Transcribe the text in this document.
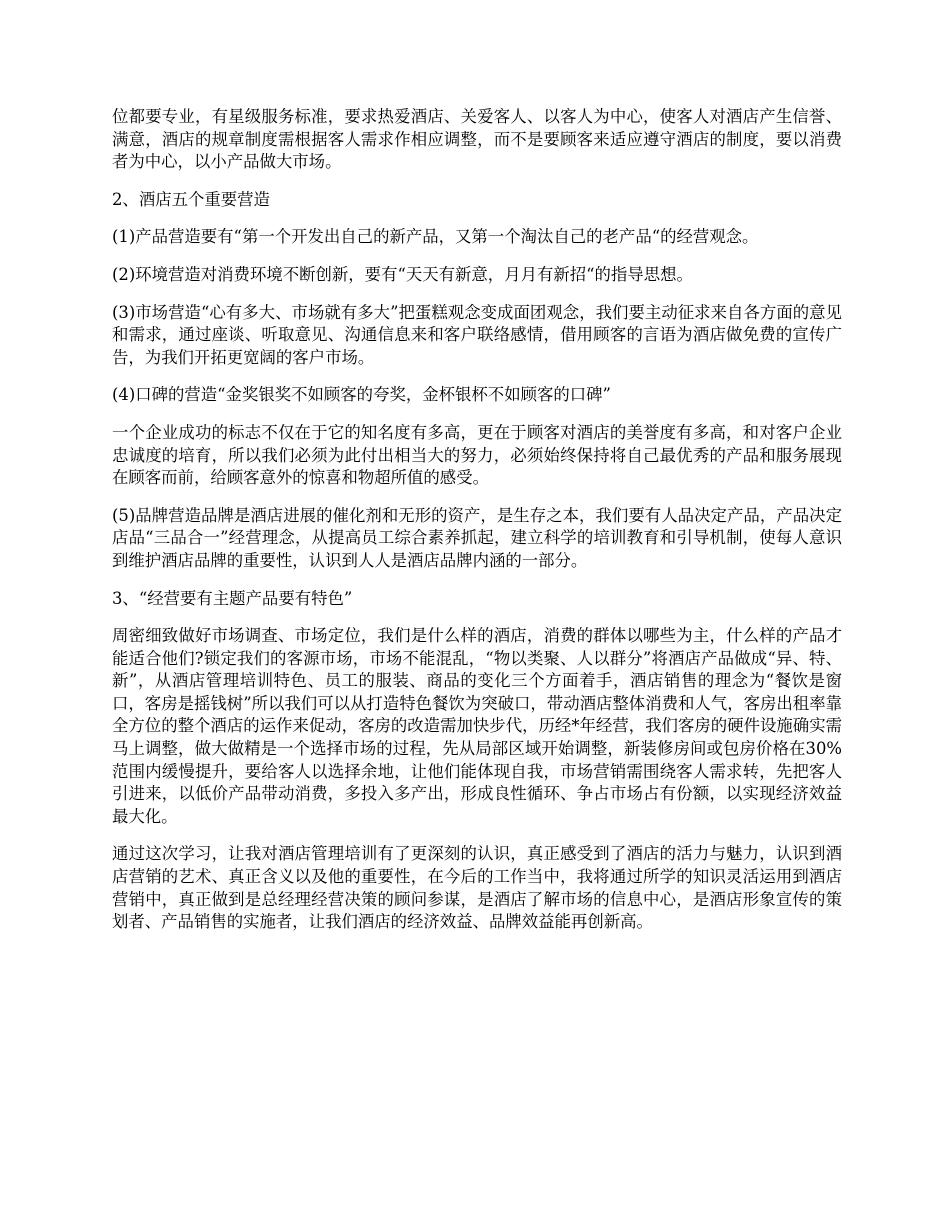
位都要专业，有星级服务标准，要求热爱酒店、关爱客人、以客人为中心，使客人对酒店产生信誉、满意，酒店的规章制度需根据客人需求作相应调整，而不是要顾客来适应遵守酒店的制度，要以消费者为中心，以小产品做大市场。

2、酒店五个重要营造

(1)产品营造要有“第一个开发出自己的新产品，又第一个淘汰自己的老产品“的经营观念。

(2)环境营造对消费环境不断创新，要有“天天有新意，月月有新招“的指导思想。

(3)市场营造“心有多大、市场就有多大”把蛋糕观念变成面团观念，我们要主动征求来自各方面的意见和需求，通过座谈、听取意见、沟通信息来和客户联络感情，借用顾客的言语为酒店做免费的宣传广告，为我们开拓更宽阔的客户市场。

(4)口碑的营造“金奖银奖不如顾客的夸奖，金杯银杯不如顾客的口碑”

一个企业成功的标志不仅在于它的知名度有多高，更在于顾客对酒店的美誉度有多高，和对客户企业忠诚度的培育，所以我们必须为此付出相当大的努力，必须始终保持将自己最优秀的产品和服务展现在顾客而前，给顾客意外的惊喜和物超所值的感受。

(5)品牌营造品牌是酒店进展的催化剂和无形的资产，是生存之本，我们要有人品决定产品，产品决定店品“三品合一”经营理念，从提高员工综合素养抓起，建立科学的培训教育和引导机制，使每人意识到维护酒店品牌的重要性，认识到人人是酒店品牌内涵的一部分。

3、“经营要有主题产品要有特色”

周密细致做好市场调查、市场定位，我们是什么样的酒店，消费的群体以哪些为主，什么样的产品才能适合他们?锁定我们的客源市场，市场不能混乱，“物以类聚、人以群分”将酒店产品做成“异、特、新”，从酒店管理培训特色、员工的服装、商品的变化三个方面着手，酒店销售的理念为“餐饮是窗口，客房是摇钱树”所以我们可以从打造特色餐饮为突破口，带动酒店整体消费和人气，客房出租率靠全方位的整个酒店的运作来促动，客房的改造需加快步代，历经*年经营，我们客房的硬件设施确实需马上调整，做大做精是一个选择市场的过程，先从局部区域开始调整，新装修房间或包房价格在30%范围内缓慢提升，要给客人以选择余地，让他们能体现自我，市场营销需围绕客人需求转，先把客人引进来，以低价产品带动消费，多投入多产出，形成良性循环、争占市场占有份额，以实现经济效益最大化。

通过这次学习，让我对酒店管理培训有了更深刻的认识，真正感受到了酒店的活力与魅力，认识到酒店营销的艺术、真正含义以及他的重要性，在今后的工作当中，我将通过所学的知识灵活运用到酒店营销中，真正做到是总经理经营决策的顾问参谋，是酒店了解市场的信息中心，是酒店形象宣传的策划者、产品销售的实施者，让我们酒店的经济效益、品牌效益能再创新高。
